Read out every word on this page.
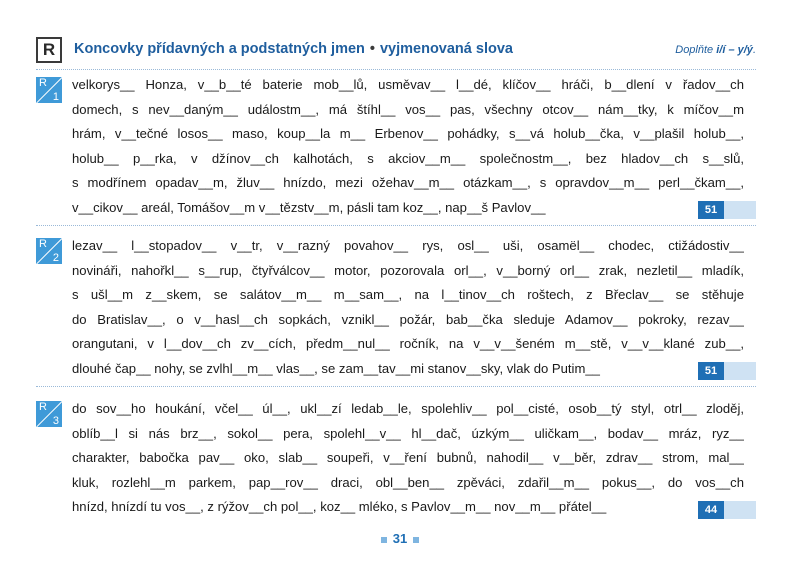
R	Koncovky přídavných a podstatných jmen • vyjmenovaná slova	Doplňte i/í – y/ý.
R
1
velkorys__ Honza, v__b__té baterie mob__lů, usměvav__ l__dé, klíčov__ hráči, b__dlení v řadov__ch
domech, s nev__daným__ událostm__, má štíhl__ vos__ pas, všechny otcov__ nám__tky, k míčov__m
hrám, v__tečné losos__ maso, koup__la m__ Erbenov__ pohádky, s__vá holub__čka, v__plašil holub__,
holub__ p__rka, v džínov__ch kalhotách, s akciov__m__ společnostm__, bez hladov__ch s__slů,
s modřínem opadav__m, žluv__ hnízdo, mezi ožehav__m__ otázkam__, s opravdov__m__ perl__čkam__,
v__cikov__ areál, Tomášov__m v__tězstv__m, pásli tam koz__, nap__š Pavlov__	51
R
2
lezav__ l__stopadov__ v__tr, v__razný povahov__ rys, osl__ uši, osamël__ chodec, ctižádostiv__
novináři, nahořkl__ s__rup, čtyřválcov__ motor, pozorovala orl__, v__borný orl__ zrak, nezletil__ mladík,
s ušl__m z__skem, se salátov__m__ m__sam__, na l__tinov__ch roštech, z Břeclav__ se stěhuje
do Bratislav__, o v__hasl__ch sopkách, vznikl__ požár, bab__čka sleduje Adamov__ pokroky, rezav__
orangutani, v l__dov__ch zv__cích, předm__nul__ ročník, na v__v__šeném m__stě, v__v__klané zub__,
dlouhé čap__ nohy, se zvlhl__m__ vlas__, se zam__tav__mi stanov__sky, vlak do Putim__	51
R
3
do sov__ho houkání, včel__ úl__, ukl__zí ledab__le, spolehliv__ pol__cisté, osob__tý styl, otrl__ zloděj,
oblíb__l si nás brz__, sokol__ pera, spolehl__v__ hl__dač, úzkým__ uličkam__, bodav__ mráz, ryz__
charakter, babočka pav__ oko, slab__ soupeři, v__ření bubnů, nahodil__ v__běr, zdrav__ strom, mal__
kluk, rozlehl__m parkem, pap__rov__ draci, obl__ben__ zpěváci, zdařil__m__ pokus__, do vos__ch
hnízd, hnízdí tu vos__, z rýžov__ch pol__, koz__ mléko, s Pavlov__m__ nov__m__ přátel__	44
31
